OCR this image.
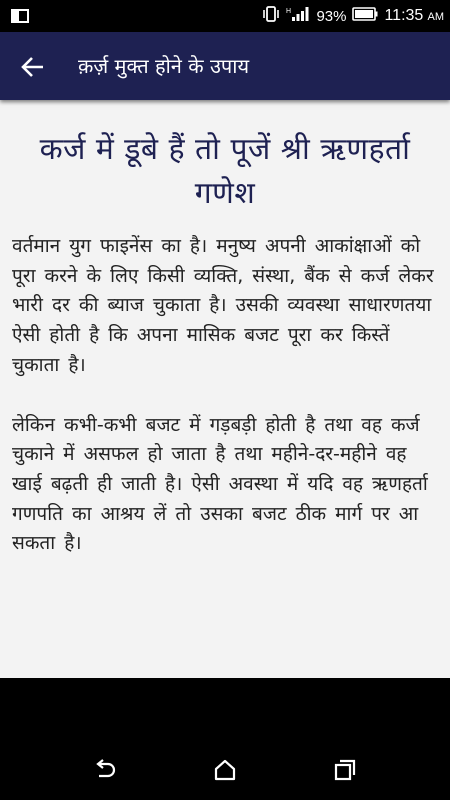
H 93% 11:35 AM
क़र्ज़ मुक्त होने के उपाय
कर्ज में डूबे हैं तो पूजें श्री ऋणहर्ता गणेश

वर्तमान युग फाइनेंस का है। मनुष्य अपनी आकांक्षाओं को पूरा करने के लिए किसी व्यक्ति, संस्था, बैंक से कर्ज लेकर भारी दर की ब्याज चुकाता है। उसकी व्यवस्था साधारणतया ऐसी होती है कि अपना मासिक बजट पूरा कर किस्तें चुकाता है।

लेकिन कभी-कभी बजट में गड़बड़ी होती है तथा वह कर्ज चुकाने में असफल हो जाता है तथा महीने-दर-महीने वह खाई बढ़ती ही जाती है। ऐसी अवस्था में यदि वह ऋणहर्ता गणपति का आश्रय लें तो उसका बजट ठीक मार्ग पर आ सकता है।
